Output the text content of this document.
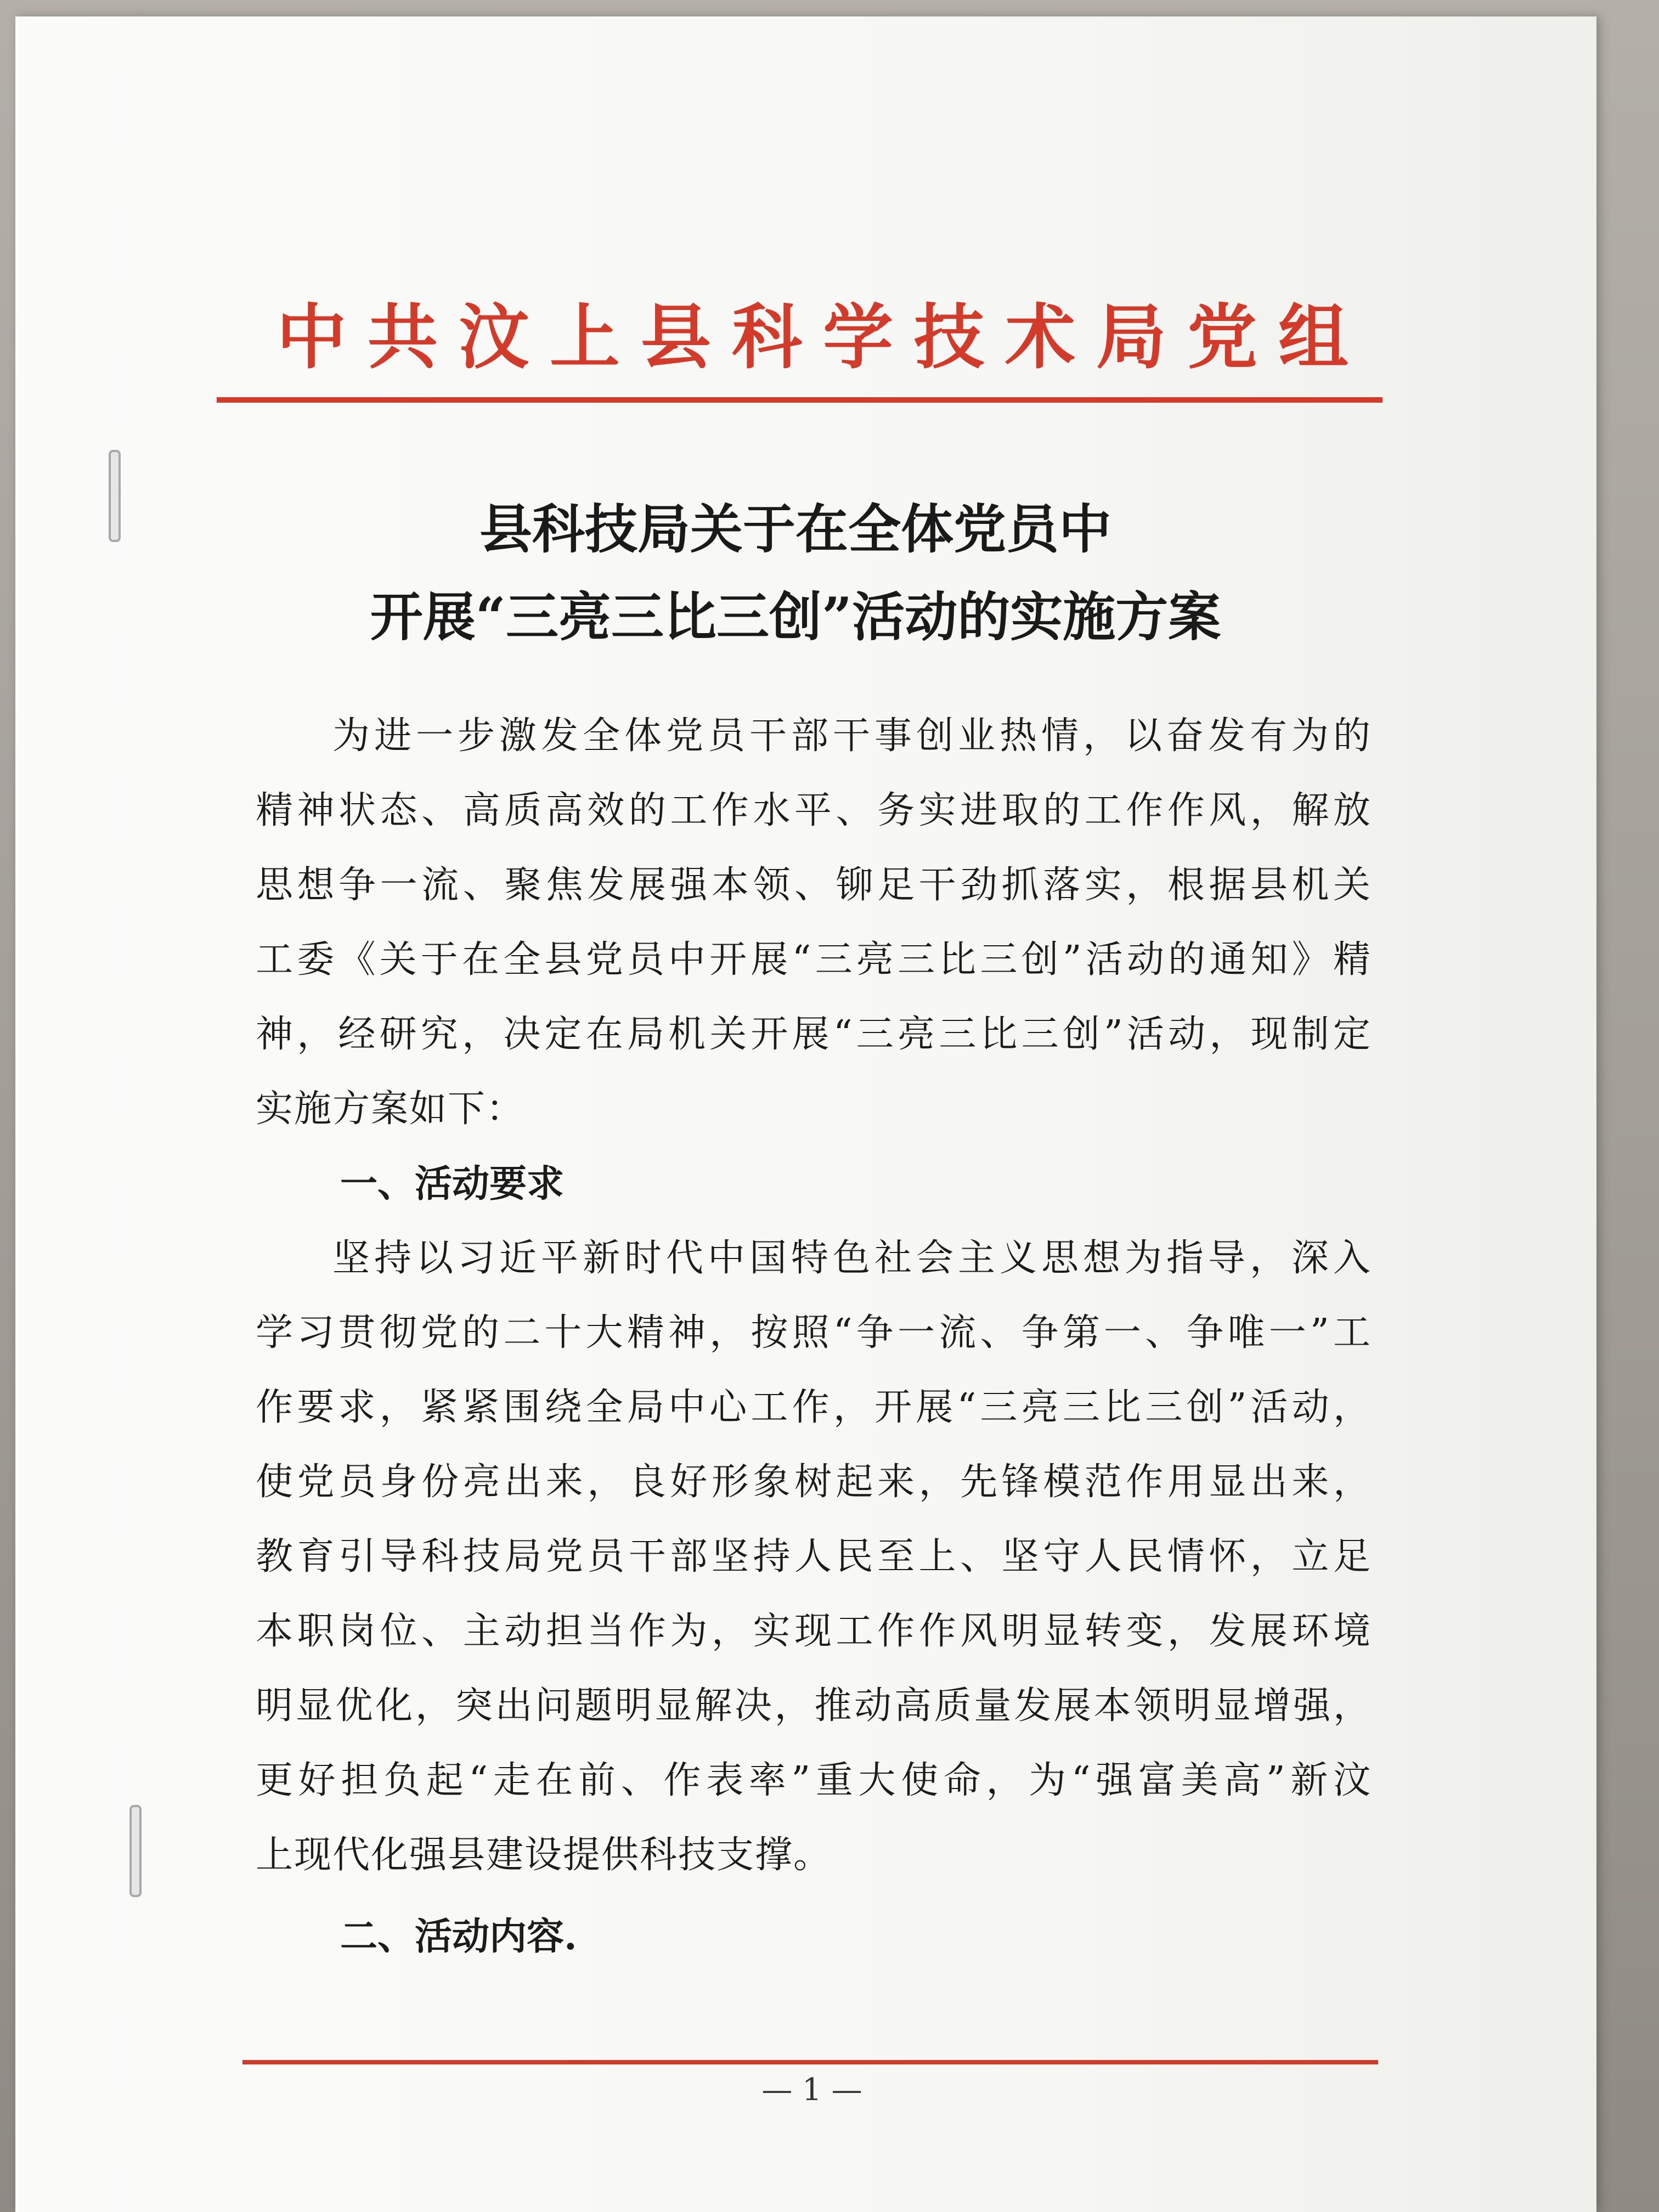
中共汶上县科学技术局党组
县科技局关于在全体党员中
开展“三亮三比三创”活动的实施方案
为进一步激发全体党员干部干事创业热情，以奋发有为的
精神状态、高质高效的工作水平、务实进取的工作作风，解放
思想争一流、聚焦发展强本领、铆足干劲抓落实，根据县机关
工委《关于在全县党员中开展“三亮三比三创”活动的通知》精
神，经研究，决定在局机关开展“三亮三比三创”活动，现制定
实施方案如下：
一、活动要求
坚持以习近平新时代中国特色社会主义思想为指导，深入
学习贯彻党的二十大精神，按照“争一流、争第一、争唯一”工
作要求，紧紧围绕全局中心工作，开展“三亮三比三创”活动，
使党员身份亮出来，良好形象树起来，先锋模范作用显出来，
教育引导科技局党员干部坚持人民至上、坚守人民情怀，立足
本职岗位、主动担当作为，实现工作作风明显转变，发展环境
明显优化，突出问题明显解决，推动高质量发展本领明显增强，
更好担负起“走在前、作表率”重大使命，为“强富美高”新汶
上现代化强县建设提供科技支撑。
二、活动内容.
— 1 —
